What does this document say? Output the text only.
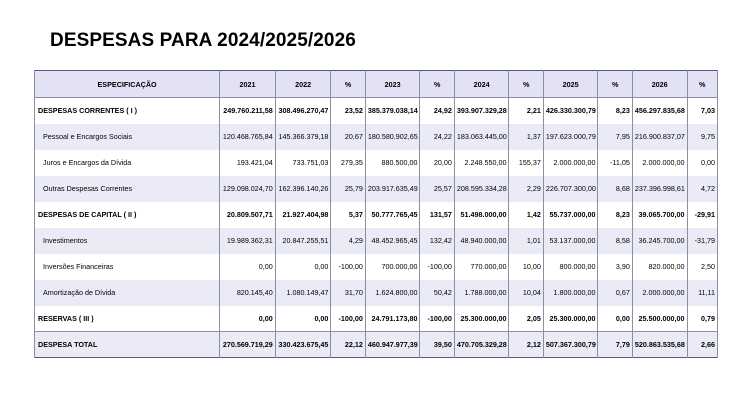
DESPESAS PARA 2024/2025/2026
ESPECIFICAÇÃO	2021	2022	%	2023	%	2024	%	2025	%	2026	%
DESPESAS CORRENTES ( I )	249.760.211,58	308.496.270,47	23,52	385.379.038,14	24,92	393.907.329,28	2,21	426.330.300,79	8,23	456.297.835,68	7,03
Pessoal e Encargos Sociais	120.468.765,84	145.366.379,18	20,67	180.580.902,65	24,22	183.063.445,00	1,37	197.623.000,79	7,95	216.900.837,07	9,75
Juros e Encargos da Dívida	193.421,04	733.751,03	279,35	880.500,00	20,00	2.248.550,00	155,37	2.000.000,00	-11,05	2.000.000,00	0,00
Outras Despesas Correntes	129.098.024,70	162.396.140,26	25,79	203.917.635,49	25,57	208.595.334,28	2,29	226.707.300,00	8,68	237.396.998,61	4,72
DESPESAS DE CAPITAL ( II )	20.809.507,71	21.927.404,98	5,37	50.777.765,45	131,57	51.498.000,00	1,42	55.737.000,00	8,23	39.065.700,00	-29,91
Investimentos	19.989.362,31	20.847.255,51	4,29	48.452.965,45	132,42	48.940.000,00	1,01	53.137.000,00	8,58	36.245.700,00	-31,79
Inversões Financeiras	0,00	0,00	-100,00	700.000,00	-100,00	770.000,00	10,00	800.000,00	3,90	820.000,00	2,50
Amortização de Dívida	820.145,40	1.080.149,47	31,70	1.624.800,00	50,42	1.788.000,00	10,04	1.800.000,00	0,67	2.000.000,00	11,11
RESERVAS ( III )	0,00	0,00	-100,00	24.791.173,80	-100,00	25.300.000,00	2,05	25.300.000,00	0,00	25.500.000,00	0,79
DESPESA TOTAL	270.569.719,29	330.423.675,45	22,12	460.947.977,39	39,50	470.705.329,28	2,12	507.367.300,79	7,79	520.863.535,68	2,66
